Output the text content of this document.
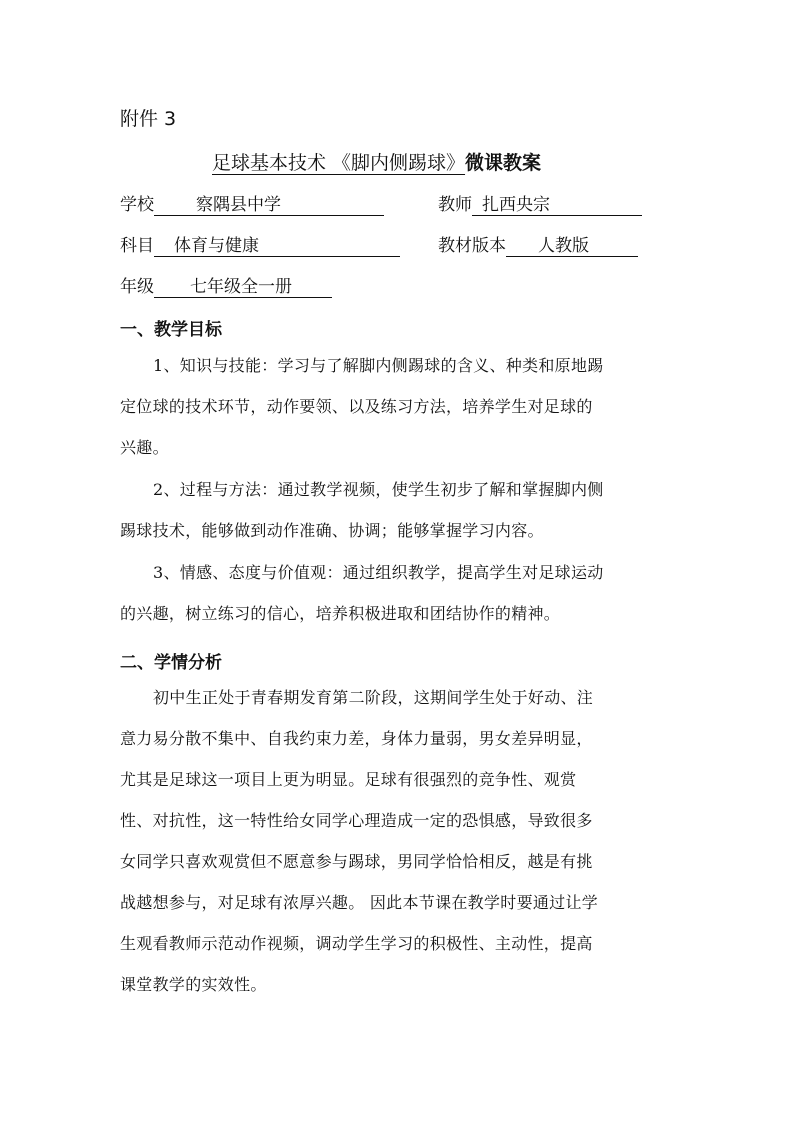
附件 3
足球基本技术 《脚内侧踢球》微课教案
学校 察隅县中学	教师 扎西央宗
科目 体育与健康	教材版本 人教版
年级 七年级全一册
一、教学目标
1、知识与技能：学习与了解脚内侧踢球的含义、种类和原地踢
定位球的技术环节，动作要领、以及练习方法，培养学生对足球的
兴趣。
2、过程与方法：通过教学视频，使学生初步了解和掌握脚内侧
踢球技术，能够做到动作准确、协调；能够掌握学习内容。
3、情感、态度与价值观：通过组织教学，提高学生对足球运动
的兴趣，树立练习的信心，培养积极进取和团结协作的精神。
二、学情分析
初中生正处于青春期发育第二阶段，这期间学生处于好动、注
意力易分散不集中、自我约束力差，身体力量弱，男女差异明显，
尤其是足球这一项目上更为明显。足球有很强烈的竞争性、观赏
性、对抗性，这一特性给女同学心理造成一定的恐惧感，导致很多
女同学只喜欢观赏但不愿意参与踢球，男同学恰恰相反，越是有挑
战越想参与，对足球有浓厚兴趣。 因此本节课在教学时要通过让学
生观看教师示范动作视频，调动学生学习的积极性、主动性，提高
课堂教学的实效性。
